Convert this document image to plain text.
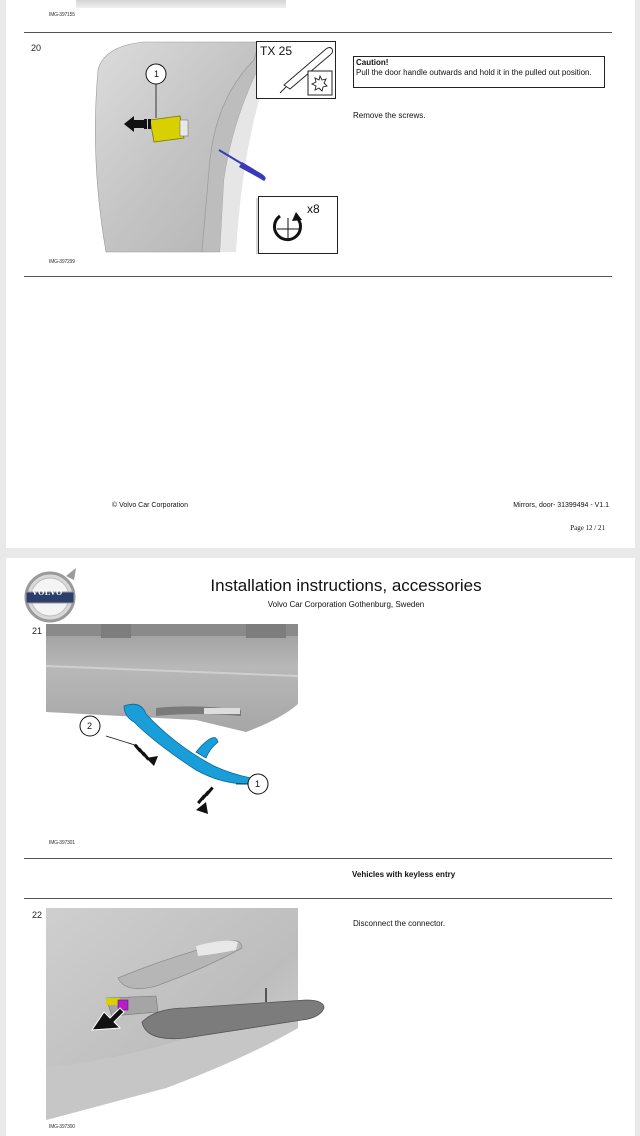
IMG-397155
20
1
TX 25
x8
IMG-397299
Caution!
Pull the door handle outwards and hold it in the pulled out position.
Remove the screws.
© Volvo Car Corporation	Mirrors, door- 31399494 - V1.1
Page 12 / 21
VOLVO	Installation instructions, accessories
Volvo Car Corporation Gothenburg, Sweden
21
2
1
IMG-397301
Vehicles with keyless entry
22
Disconnect the connector.
IMG-397300
